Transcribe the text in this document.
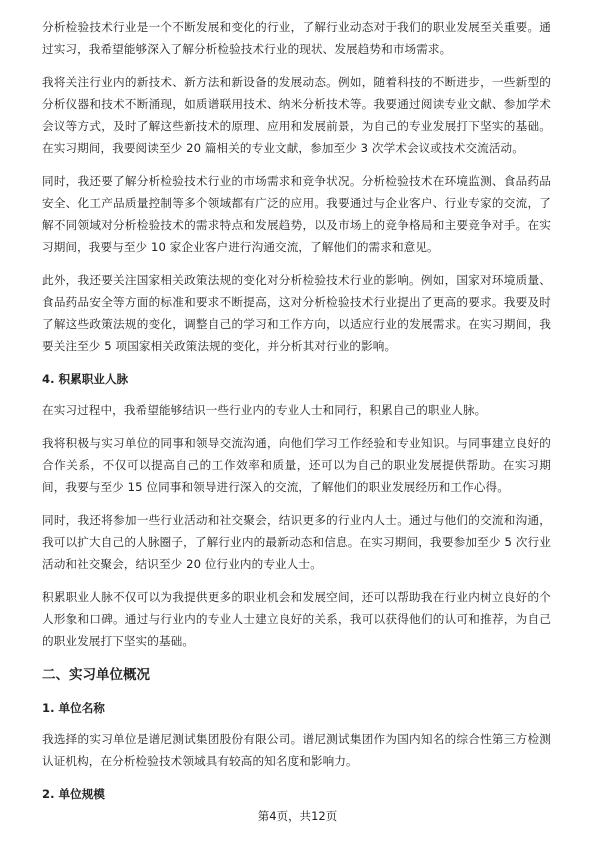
分析检验技术行业是一个不断发展和变化的行业，了解行业动态对于我们的职业发展至关重要。通过实习，我希望能够深入了解分析检验技术行业的现状、发展趋势和市场需求。

我将关注行业内的新技术、新方法和新设备的发展动态。例如，随着科技的不断进步，一些新型的分析仪器和技术不断涌现，如质谱联用技术、纳米分析技术等。我要通过阅读专业文献、参加学术会议等方式，及时了解这些新技术的原理、应用和发展前景，为自己的专业发展打下坚实的基础。在实习期间，我要阅读至少 20 篇相关的专业文献，参加至少 3 次学术会议或技术交流活动。

同时，我还要了解分析检验技术行业的市场需求和竞争状况。分析检验技术在环境监测、食品药品安全、化工产品质量控制等多个领域都有广泛的应用。我要通过与企业客户、行业专家的交流，了解不同领域对分析检验技术的需求特点和发展趋势，以及市场上的竞争格局和主要竞争对手。在实习期间，我要与至少 10 家企业客户进行沟通交流，了解他们的需求和意见。

此外，我还要关注国家相关政策法规的变化对分析检验技术行业的影响。例如，国家对环境质量、食品药品安全等方面的标准和要求不断提高，这对分析检验技术行业提出了更高的要求。我要及时了解这些政策法规的变化，调整自己的学习和工作方向，以适应行业的发展需求。在实习期间，我要关注至少 5 项国家相关政策法规的变化，并分析其对行业的影响。

4. 积累职业人脉

在实习过程中，我希望能够结识一些行业内的专业人士和同行，积累自己的职业人脉。

我将积极与实习单位的同事和领导交流沟通，向他们学习工作经验和专业知识。与同事建立良好的合作关系，不仅可以提高自己的工作效率和质量，还可以为自己的职业发展提供帮助。在实习期间，我要与至少 15 位同事和领导进行深入的交流，了解他们的职业发展经历和工作心得。

同时，我还将参加一些行业活动和社交聚会，结识更多的行业内人士。通过与他们的交流和沟通，我可以扩大自己的人脉圈子，了解行业内的最新动态和信息。在实习期间，我要参加至少 5 次行业活动和社交聚会，结识至少 20 位行业内的专业人士。

积累职业人脉不仅可以为我提供更多的职业机会和发展空间，还可以帮助我在行业内树立良好的个人形象和口碑。通过与行业内的专业人士建立良好的关系，我可以获得他们的认可和推荐，为自己的职业发展打下坚实的基础。

二、实习单位概况
1. 单位名称

我选择的实习单位是谱尼测试集团股份有限公司。谱尼测试集团作为国内知名的综合性第三方检测认证机构，在分析检验技术领域具有较高的知名度和影响力。

2. 单位规模
第4页，共12页
